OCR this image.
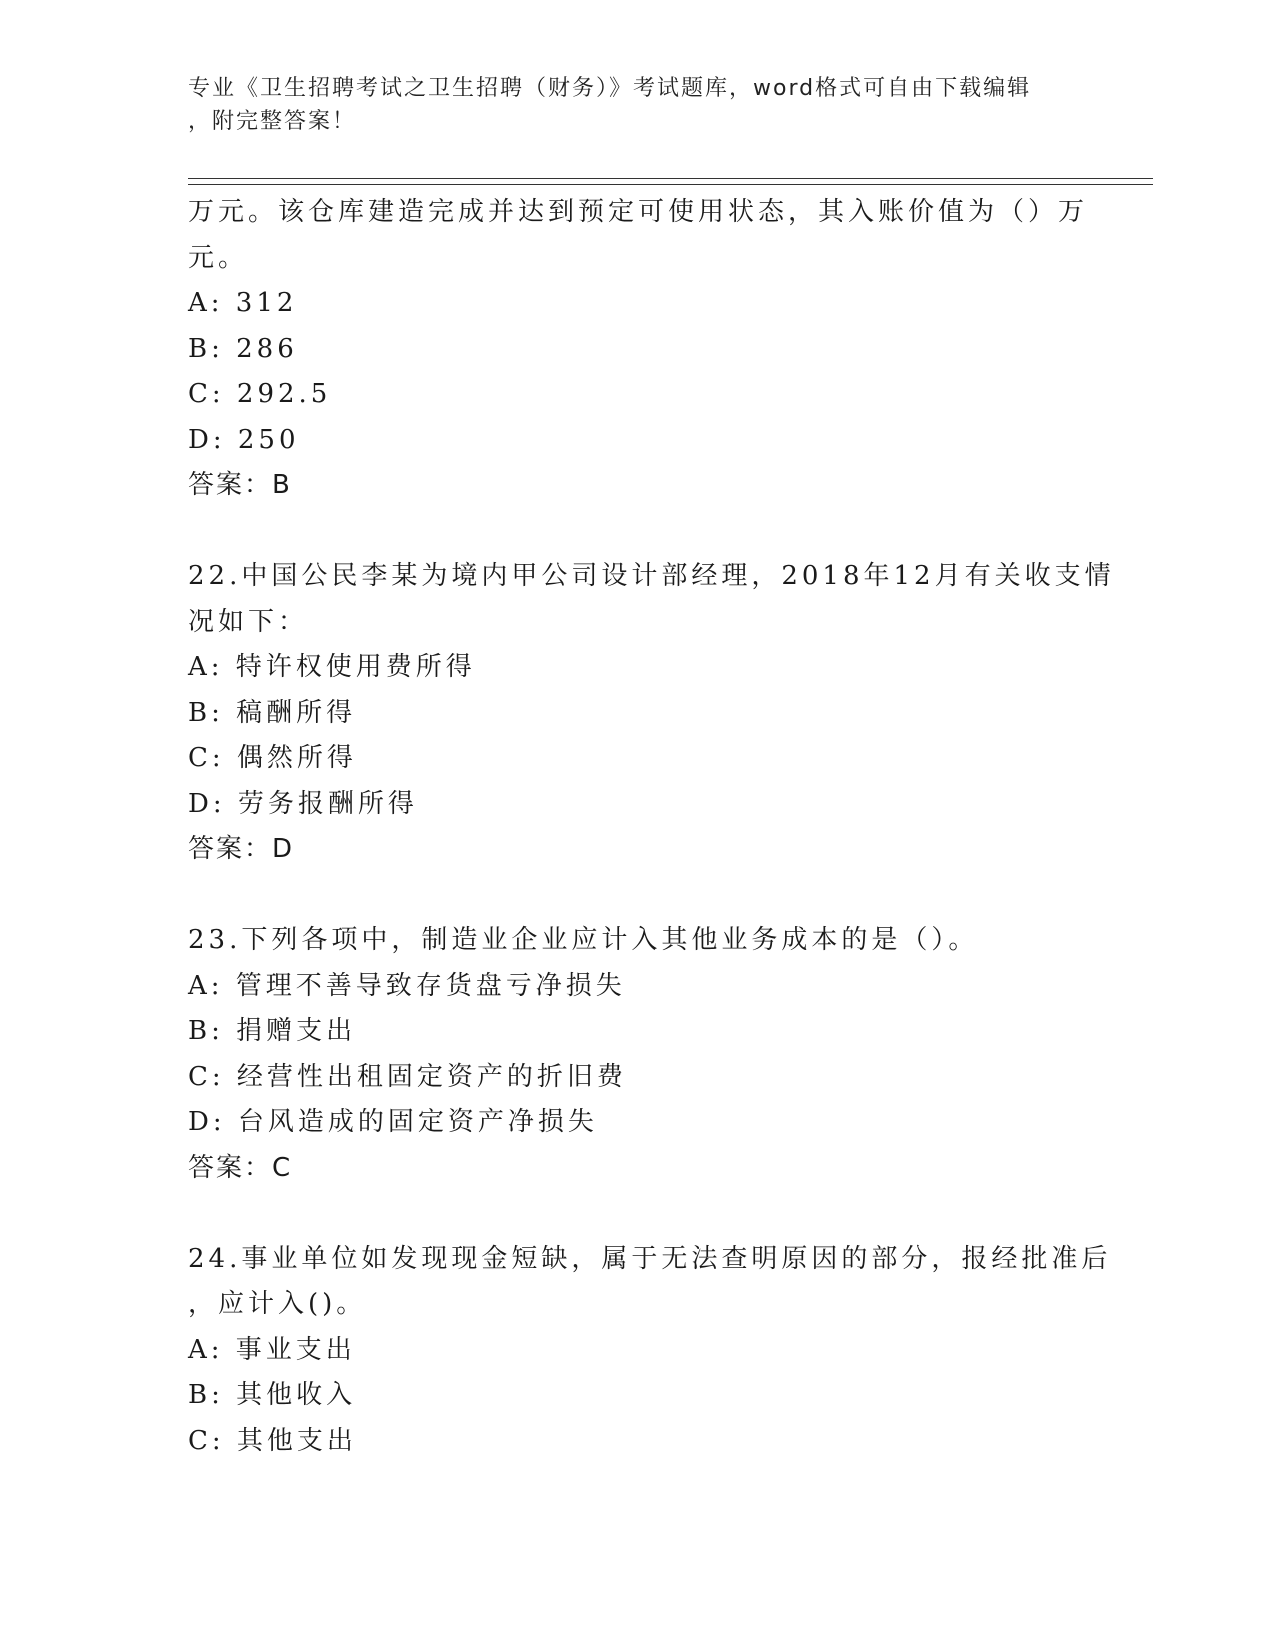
专业《卫生招聘考试之卫生招聘（财务）》考试题库，word格式可自由下载编辑
，附完整答案！
万元。该仓库建造完成并达到预定可使用状态，其入账价值为（）万
元。
A: 312
B: 286
C: 292.5
D: 250
答案：B
22.中国公民李某为境内甲公司设计部经理，2018年12月有关收支情
况如下：
A: 特许权使用费所得
B: 稿酬所得
C: 偶然所得
D: 劳务报酬所得
答案：D
23.下列各项中，制造业企业应计入其他业务成本的是（）。
A: 管理不善导致存货盘亏净损失
B: 捐赠支出
C: 经营性出租固定资产的折旧费
D: 台风造成的固定资产净损失
答案：C
24.事业单位如发现现金短缺，属于无法查明原因的部分，报经批准后
，应计入()。
A: 事业支出
B: 其他收入
C: 其他支出
